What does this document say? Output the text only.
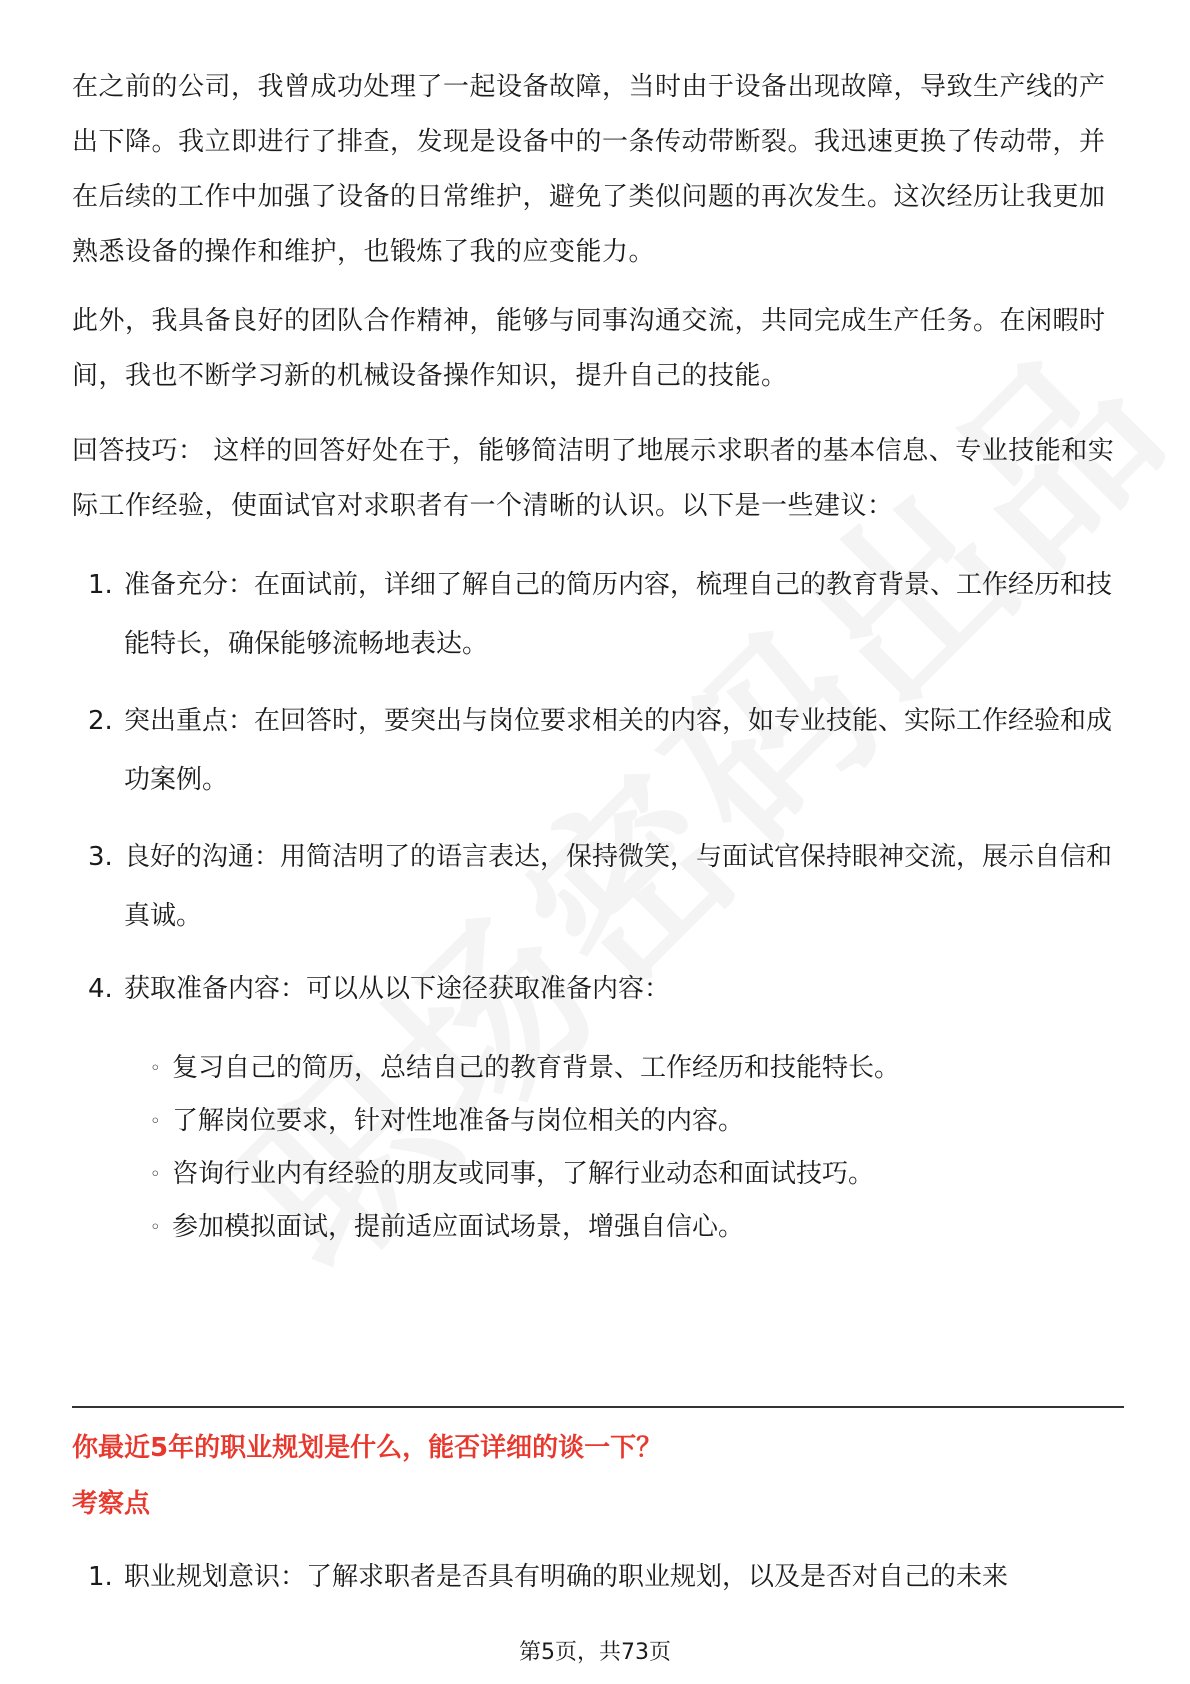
在之前的公司，我曾成功处理了一起设备故障，当时由于设备出现故障，导致生产线的产出下降。我立即进行了排查，发现是设备中的一条传动带断裂。我迅速更换了传动带，并在后续的工作中加强了设备的日常维护，避免了类似问题的再次发生。这次经历让我更加熟悉设备的操作和维护，也锻炼了我的应变能力。

此外，我具备良好的团队合作精神，能够与同事沟通交流，共同完成生产任务。在闲暇时间，我也不断学习新的机械设备操作知识，提升自己的技能。

回答技巧： 这样的回答好处在于，能够简洁明了地展示求职者的基本信息、专业技能和实际工作经验，使面试官对求职者有一个清晰的认识。以下是一些建议：

1. 准备充分：在面试前，详细了解自己的简历内容，梳理自己的教育背景、工作经历和技能特长，确保能够流畅地表达。
2. 突出重点：在回答时，要突出与岗位要求相关的内容，如专业技能、实际工作经验和成功案例。
3. 良好的沟通：用简洁明了的语言表达，保持微笑，与面试官保持眼神交流，展示自信和真诚。
4. 获取准备内容：可以从以下途径获取准备内容：
◦ 复习自己的简历，总结自己的教育背景、工作经历和技能特长。
◦ 了解岗位要求，针对性地准备与岗位相关的内容。
◦ 咨询行业内有经验的朋友或同事，了解行业动态和面试技巧。
◦ 参加模拟面试，提前适应面试场景，增强自信心。
你最近5年的职业规划是什么，能否详细的谈一下？
考察点
1. 职业规划意识：了解求职者是否具有明确的职业规划，以及是否对自己的未来
第5页，共73页
